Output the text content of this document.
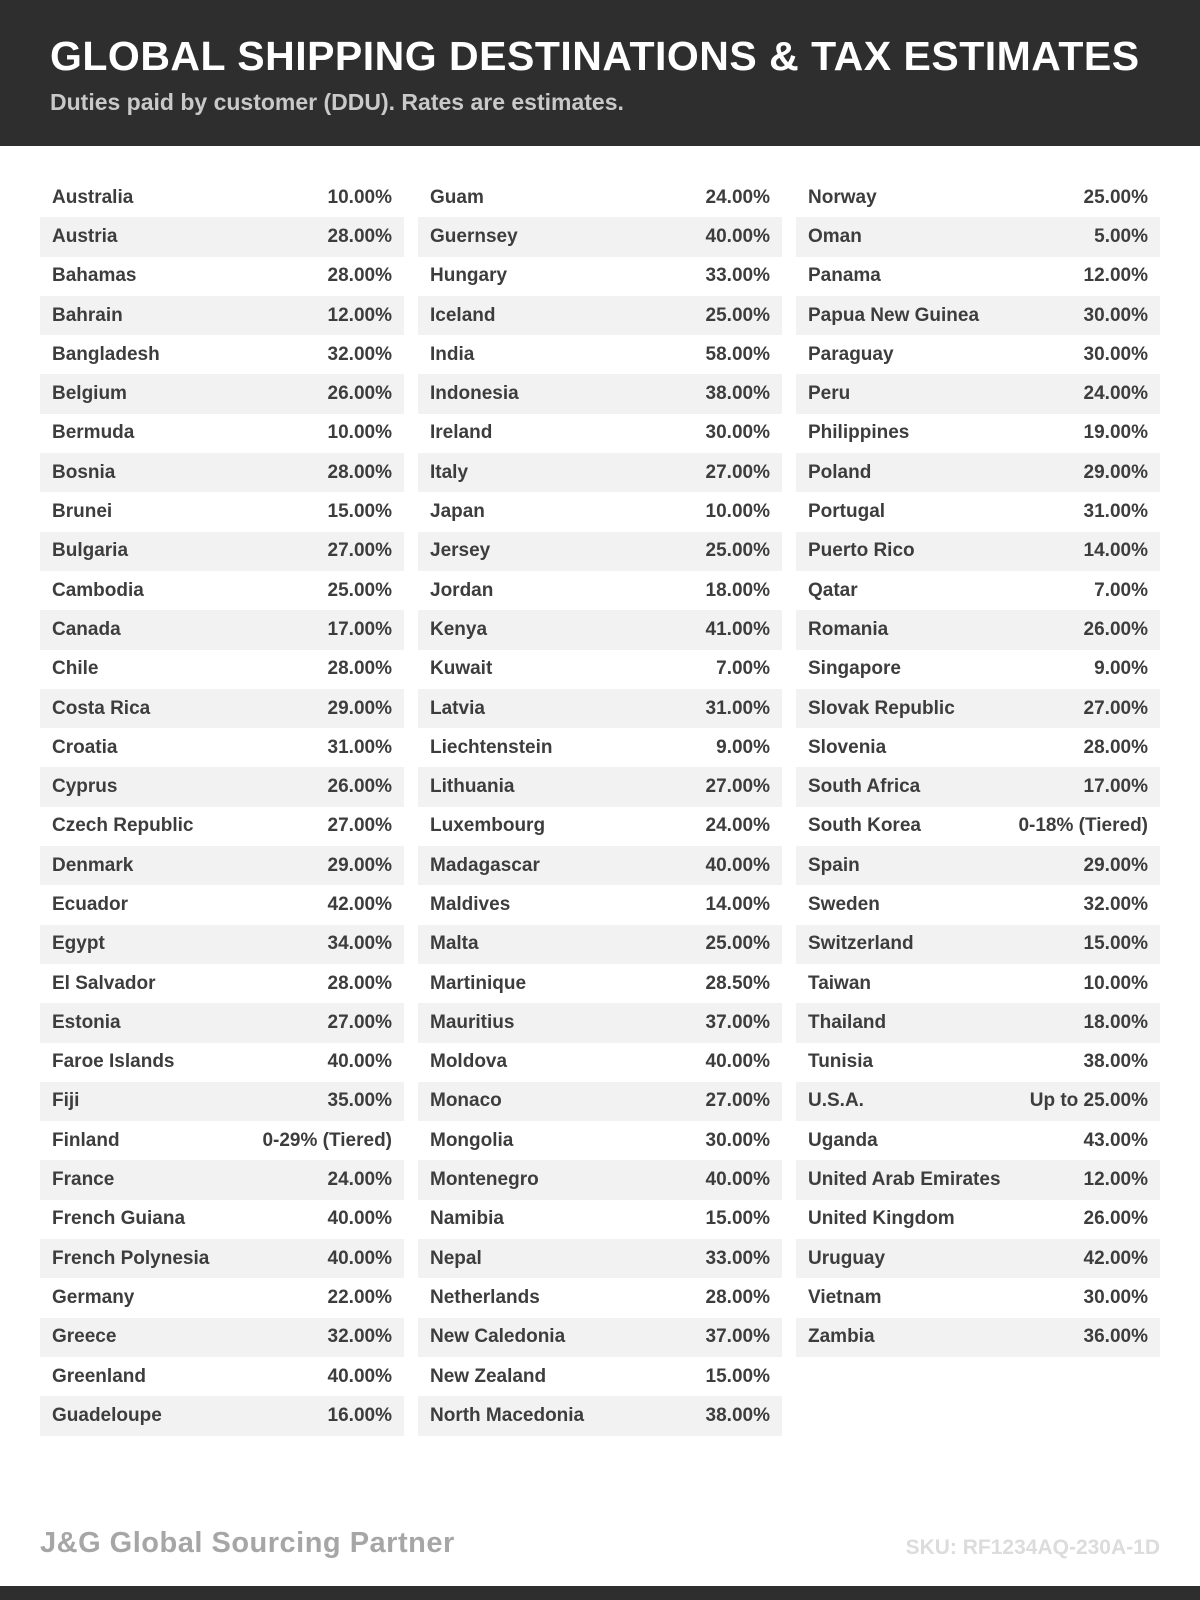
GLOBAL SHIPPING DESTINATIONS & TAX ESTIMATES
Duties paid by customer (DDU). Rates are estimates.
Australia	10.00%
Austria	28.00%
Bahamas	28.00%
Bahrain	12.00%
Bangladesh	32.00%
Belgium	26.00%
Bermuda	10.00%
Bosnia	28.00%
Brunei	15.00%
Bulgaria	27.00%
Cambodia	25.00%
Canada	17.00%
Chile	28.00%
Costa Rica	29.00%
Croatia	31.00%
Cyprus	26.00%
Czech Republic	27.00%
Denmark	29.00%
Ecuador	42.00%
Egypt	34.00%
El Salvador	28.00%
Estonia	27.00%
Faroe Islands	40.00%
Fiji	35.00%
Finland	0-29% (Tiered)
France	24.00%
French Guiana	40.00%
French Polynesia	40.00%
Germany	22.00%
Greece	32.00%
Greenland	40.00%
Guadeloupe	16.00%
Guam	24.00%
Guernsey	40.00%
Hungary	33.00%
Iceland	25.00%
India	58.00%
Indonesia	38.00%
Ireland	30.00%
Italy	27.00%
Japan	10.00%
Jersey	25.00%
Jordan	18.00%
Kenya	41.00%
Kuwait	7.00%
Latvia	31.00%
Liechtenstein	9.00%
Lithuania	27.00%
Luxembourg	24.00%
Madagascar	40.00%
Maldives	14.00%
Malta	25.00%
Martinique	28.50%
Mauritius	37.00%
Moldova	40.00%
Monaco	27.00%
Mongolia	30.00%
Montenegro	40.00%
Namibia	15.00%
Nepal	33.00%
Netherlands	28.00%
New Caledonia	37.00%
New Zealand	15.00%
North Macedonia	38.00%
Norway	25.00%
Oman	5.00%
Panama	12.00%
Papua New Guinea	30.00%
Paraguay	30.00%
Peru	24.00%
Philippines	19.00%
Poland	29.00%
Portugal	31.00%
Puerto Rico	14.00%
Qatar	7.00%
Romania	26.00%
Singapore	9.00%
Slovak Republic	27.00%
Slovenia	28.00%
South Africa	17.00%
South Korea	0-18% (Tiered)
Spain	29.00%
Sweden	32.00%
Switzerland	15.00%
Taiwan	10.00%
Thailand	18.00%
Tunisia	38.00%
U.S.A.	Up to 25.00%
Uganda	43.00%
United Arab Emirates	12.00%
United Kingdom	26.00%
Uruguay	42.00%
Vietnam	30.00%
Zambia	36.00%
J&G Global Sourcing Partner	SKU: RF1234AQ-230A-1D
